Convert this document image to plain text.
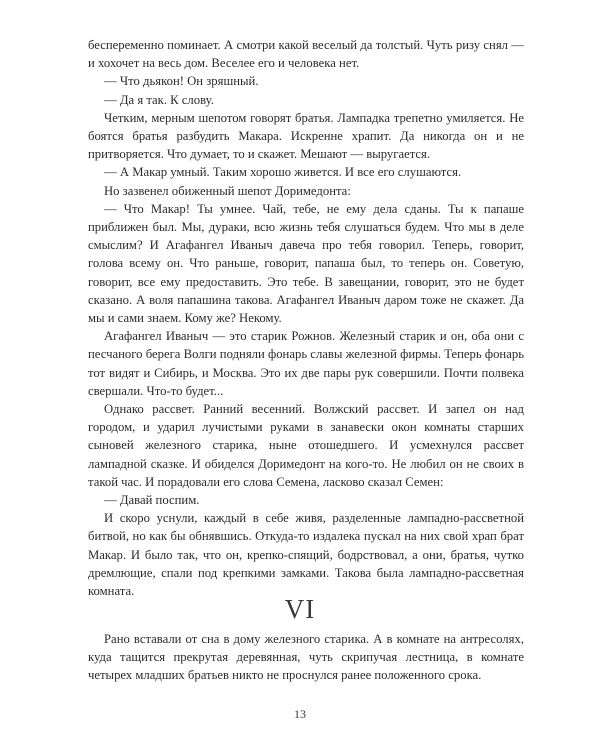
беспеременно поминает. А смотри какой веселый да толстый. Чуть ризу снял — и хохочет на весь дом. Веселее его и человека нет.

— Что дьякон! Он зряшный.

— Да я так. К слову.

Четким, мерным шепотом говорят братья. Лампадка трепетно умиляется. Не боятся братья разбудить Макара. Искренне храпит. Да никогда он и не притворяется. Что думает, то и скажет. Мешают — выругается.

— А Макар умный. Таким хорошо живется. И все его слушаются.

Но зазвенел обиженный шепот Доримедонта:

— Что Макар! Ты умнее. Чай, тебе, не ему дела сданы. Ты к папаше приближен был. Мы, дураки, всю жизнь тебя слушаться будем. Что мы в деле смыслим? И Агафангел Иваныч давеча про тебя говорил. Теперь, говорит, голова всему он. Что раньше, говорит, папаша был, то теперь он. Советую, говорит, все ему предоставить. Это тебе. В завещании, говорит, это не будет сказано. А воля папашина такова. Агафангел Иваныч даром тоже не скажет. Да мы и сами знаем. Кому же? Некому.

Агафангел Иваныч — это старик Рожнов. Железный старик и он, оба они с песчаного берега Волги подняли фонарь славы железной фирмы. Теперь фонарь тот видят и Сибирь, и Москва. Это их две пары рук совершили. Почти полвека свершали. Что-то будет...

Однако рассвет. Ранний весенний. Волжский рассвет. И запел он над городом, и ударил лучистыми руками в занавески окон комнаты старших сыновей железного старика, ныне отошедшего. И усмехнулся рассвет лампадной сказке. И обиделся Доримедонт на кого-то. Не любил он не своих в такой час. И порадовали его слова Семена, ласково сказал Семен:

— Давай поспим.

И скоро уснули, каждый в себе живя, разделенные лампадно-рассветной битвой, но как бы обнявшись. Откуда-то издалека пускал на них свой храп брат Макар. И было так, что он, крепко-спящий, бодрствовал, а они, братья, чутко дремлющие, спали под крепкими замками. Такова была лампадно-рассветная комната.

VI

Рано вставали от сна в дому железного старика. А в комнате на антресолях, куда тащится прекрутая деревянная, чуть скрипучая лестница, в комнате четырех младших братьев никто не проснулся ранее положенного срока.

13
